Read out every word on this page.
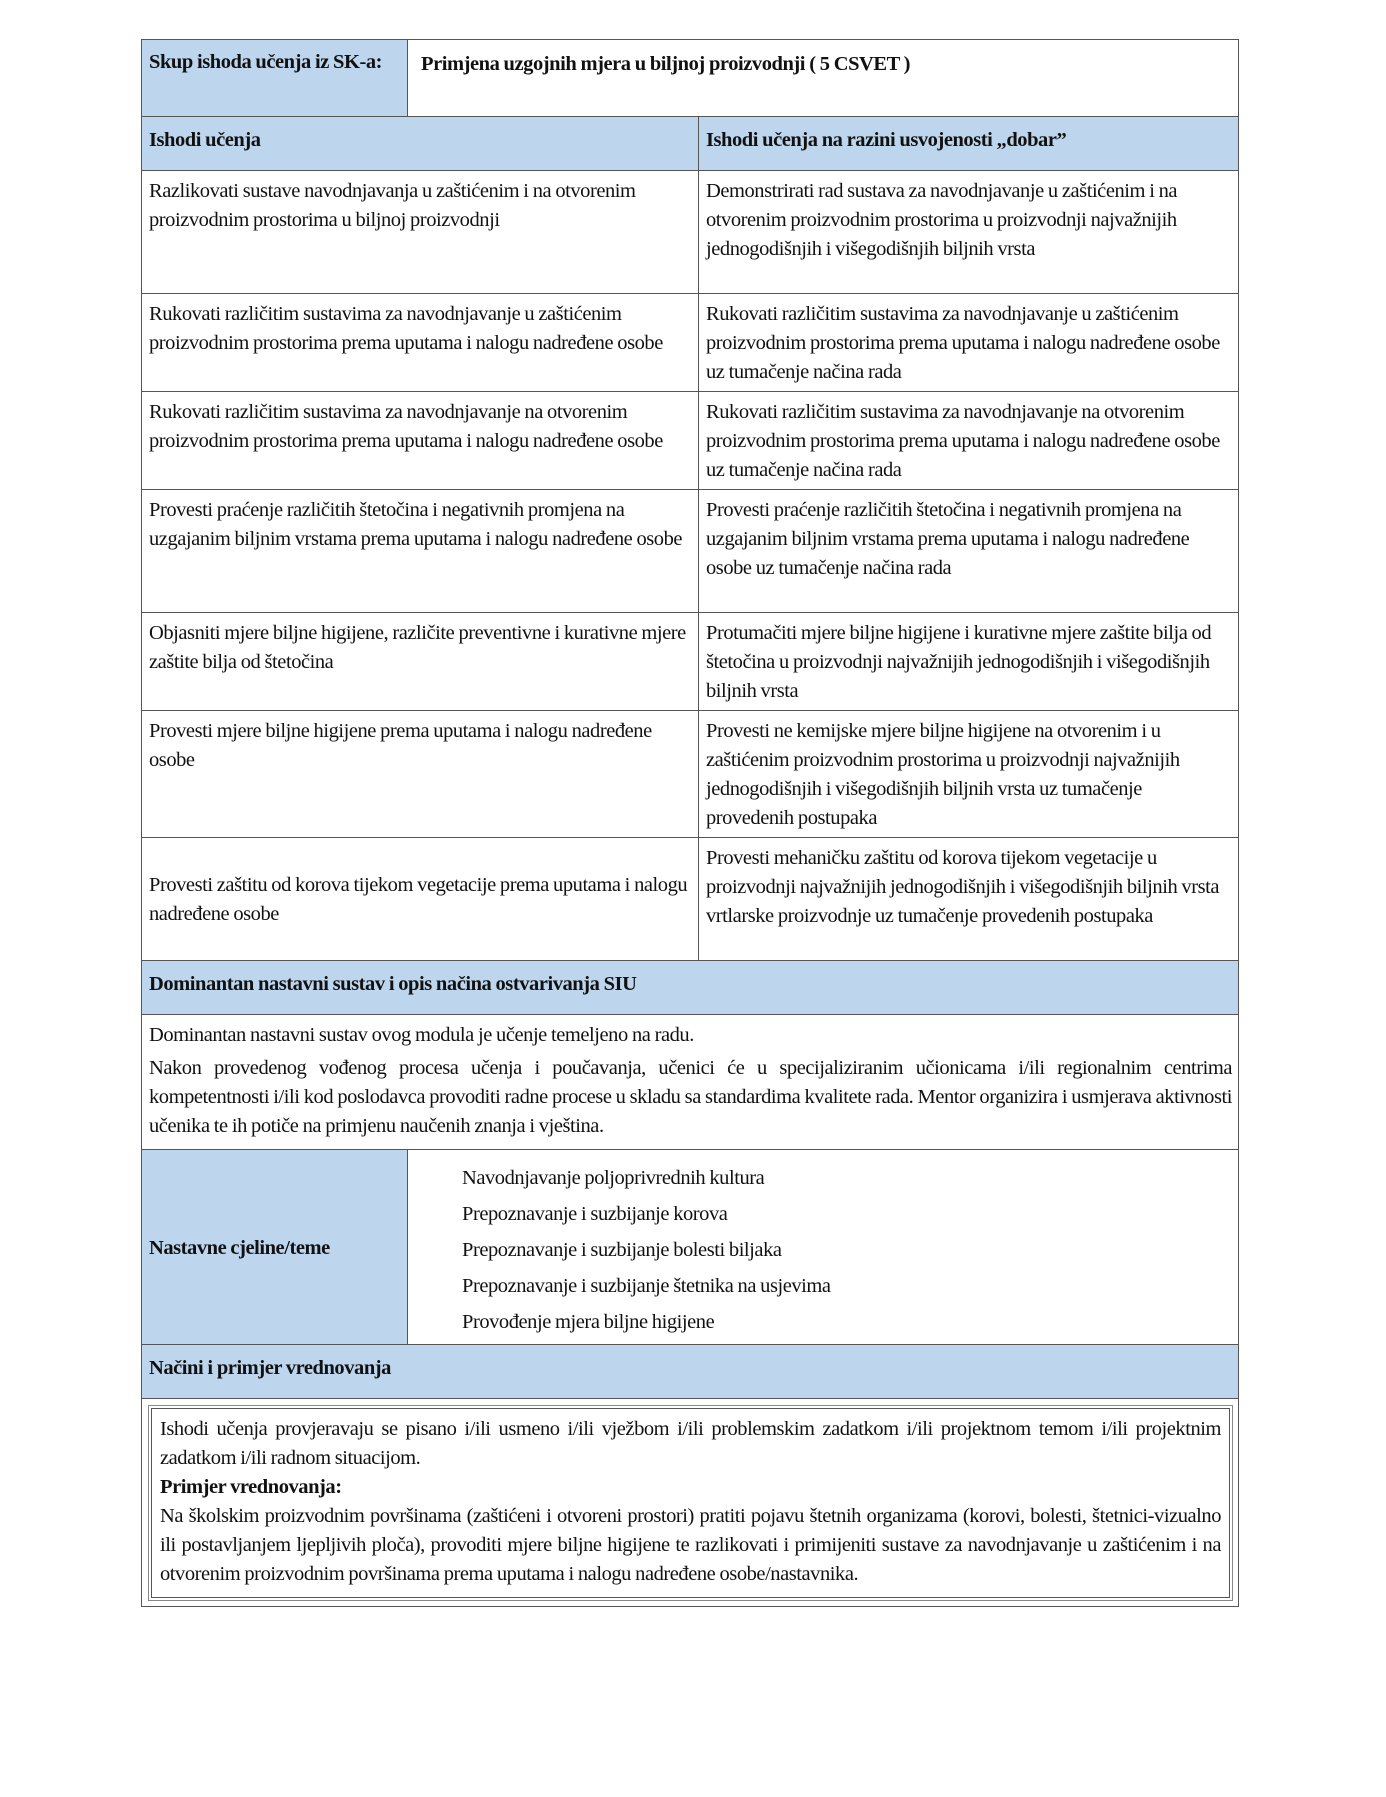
Skup ishoda učenja iz SK-a:	Primjena uzgojnih mjera u biljnoj proizvodnji ( 5 CSVET )	
Ishodi učenja		Ishodi učenja na razini usvojenosti „dobar”
Razlikovati sustave navodnjavanja u zaštićenim i na otvorenim proizvodnim prostorima u biljnoj proizvodnji		Demonstrirati rad sustava za navodnjavanje u zaštićenim i na otvorenim proizvodnim prostorima u proizvodnji najvažnijih jednogodišnjih i višegodišnjih biljnih vrsta
Rukovati različitim sustavima za navodnjavanje u zaštićenim proizvodnim prostorima prema uputama i nalogu nadređene osobe		Rukovati različitim sustavima za navodnjavanje u zaštićenim proizvodnim prostorima prema uputama i nalogu nadređene osobe uz tumačenje načina rada
Rukovati različitim sustavima za navodnjavanje na otvorenim proizvodnim prostorima prema uputama i nalogu nadređene osobe		Rukovati različitim sustavima za navodnjavanje na otvorenim proizvodnim prostorima prema uputama i nalogu nadređene osobe uz tumačenje načina rada
Provesti praćenje različitih štetočina i negativnih promjena na uzgajanim biljnim vrstama prema uputama i nalogu nadređene osobe		Provesti praćenje različitih štetočina i negativnih promjena na uzgajanim biljnim vrstama prema uputama i nalogu nadređene osobe uz tumačenje načina rada
Objasniti mjere biljne higijene, različite preventivne i kurativne mjere zaštite bilja od štetočina		Protumačiti mjere biljne higijene i kurativne mjere zaštite bilja od štetočina u proizvodnji najvažnijih jednogodišnjih i višegodišnjih biljnih vrsta
Provesti mjere biljne higijene prema uputama i nalogu nadređene osobe		Provesti ne kemijske mjere biljne higijene na otvorenim i u zaštićenim proizvodnim prostorima u proizvodnji najvažnijih jednogodišnjih i višegodišnjih biljnih vrsta uz tumačenje provedenih postupaka
Provesti zaštitu od korova tijekom vegetacije prema uputama i nalogu nadređene osobe		Provesti mehaničku zaštitu od korova tijekom vegetacije u proizvodnji najvažnijih jednogodišnjih i višegodišnjih biljnih vrsta vrtlarske proizvodnje uz tumačenje provedenih postupaka
Dominantan nastavni sustav i opis načina ostvarivanja SIU		

Dominantan nastavni sustav ovog modula je učenje temeljeno na radu.

Nakon provedenog vođenog procesa učenja i poučavanja, učenici će u specijaliziranim učionicama i/ili regionalnim centrima kompetentnosti i/ili kod poslodavca provoditi radne procese u skladu sa standardima kvalitete rada. Mentor organizira i usmjerava aktivnosti učenika te ih potiče na primjenu naučenih znanja i vještina.		

Nastavne cjeline/teme	
Navodnjavanje poljoprivrednih kultura
Prepoznavanje i suzbijanje korova
Prepoznavanje i suzbijanje bolesti biljaka
Prepoznavanje i suzbijanje štetnika na usjevima
Provođenje mjera biljne higijene

Načini i primjer vrednovanja		

Ishodi učenja provjeravaju se pisano i/ili usmeno i/ili vježbom i/ili problemskim zadatkom i/ili projektnom temom i/ili projektnim zadatkom i/ili radnom situacijom.

Primjer vrednovanja:

Na školskim proizvodnim površinama (zaštićeni i otvoreni prostori) pratiti pojavu štetnih organizama (korovi, bolesti, štetnici-vizualno ili postavljanjem ljepljivih ploča), provoditi mjere biljne higijene te razlikovati i primijeniti sustave za navodnjavanje u zaštićenim i na otvorenim proizvodnim površinama prema uputama i nalogu nadređene osobe/nastavnika.		
